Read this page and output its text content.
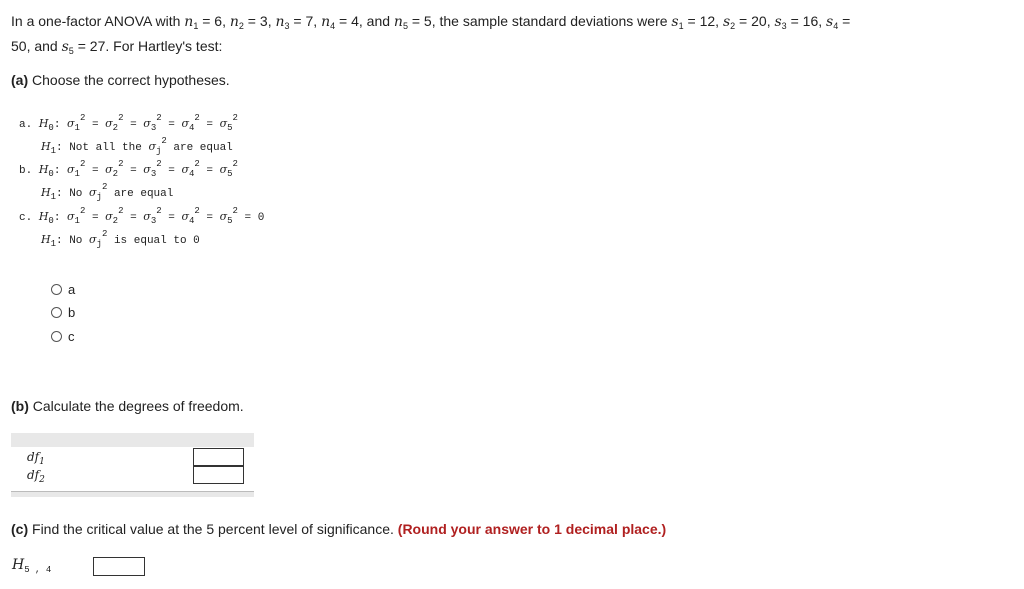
In a one-factor ANOVA with $n_1 = 6$, $n_2 = 3$, $n_3 = 7$, $n_4 = 4$, and $n_5 = 5$, the sample standard deviations were $s_1 = 12$, $s_2 = 20$, $s_3 = 16$, $s_4$ =
50, and $s_5 = 27$. For Hartley's test:
(a) Choose the correct hypotheses.
a. $H_0$: $\sigma_1^2 = \sigma_2^2 = \sigma_3^2 = \sigma_4^2 = \sigma_5^2$
$H_1$: Not all the $\sigma_j^2$ are equal
b. $H_0$: $\sigma_1^2 = \sigma_2^2 = \sigma_3^2 = \sigma_4^2 = \sigma_5^2$
$H_1$: No $\sigma_j^2$ are equal
c. $H_0$: $\sigma_1^2 = \sigma_2^2 = \sigma_3^2 = \sigma_4^2 = \sigma_5^2 = 0$
$H_1$: No $\sigma_j^2$ is equal to 0
a
b
c
(b) Calculate the degrees of freedom.
$df_1$
$df_2$
(c) Find the critical value at the 5 percent level of significance. (Round your answer to 1 decimal place.)
$H_{5 , 4}$
